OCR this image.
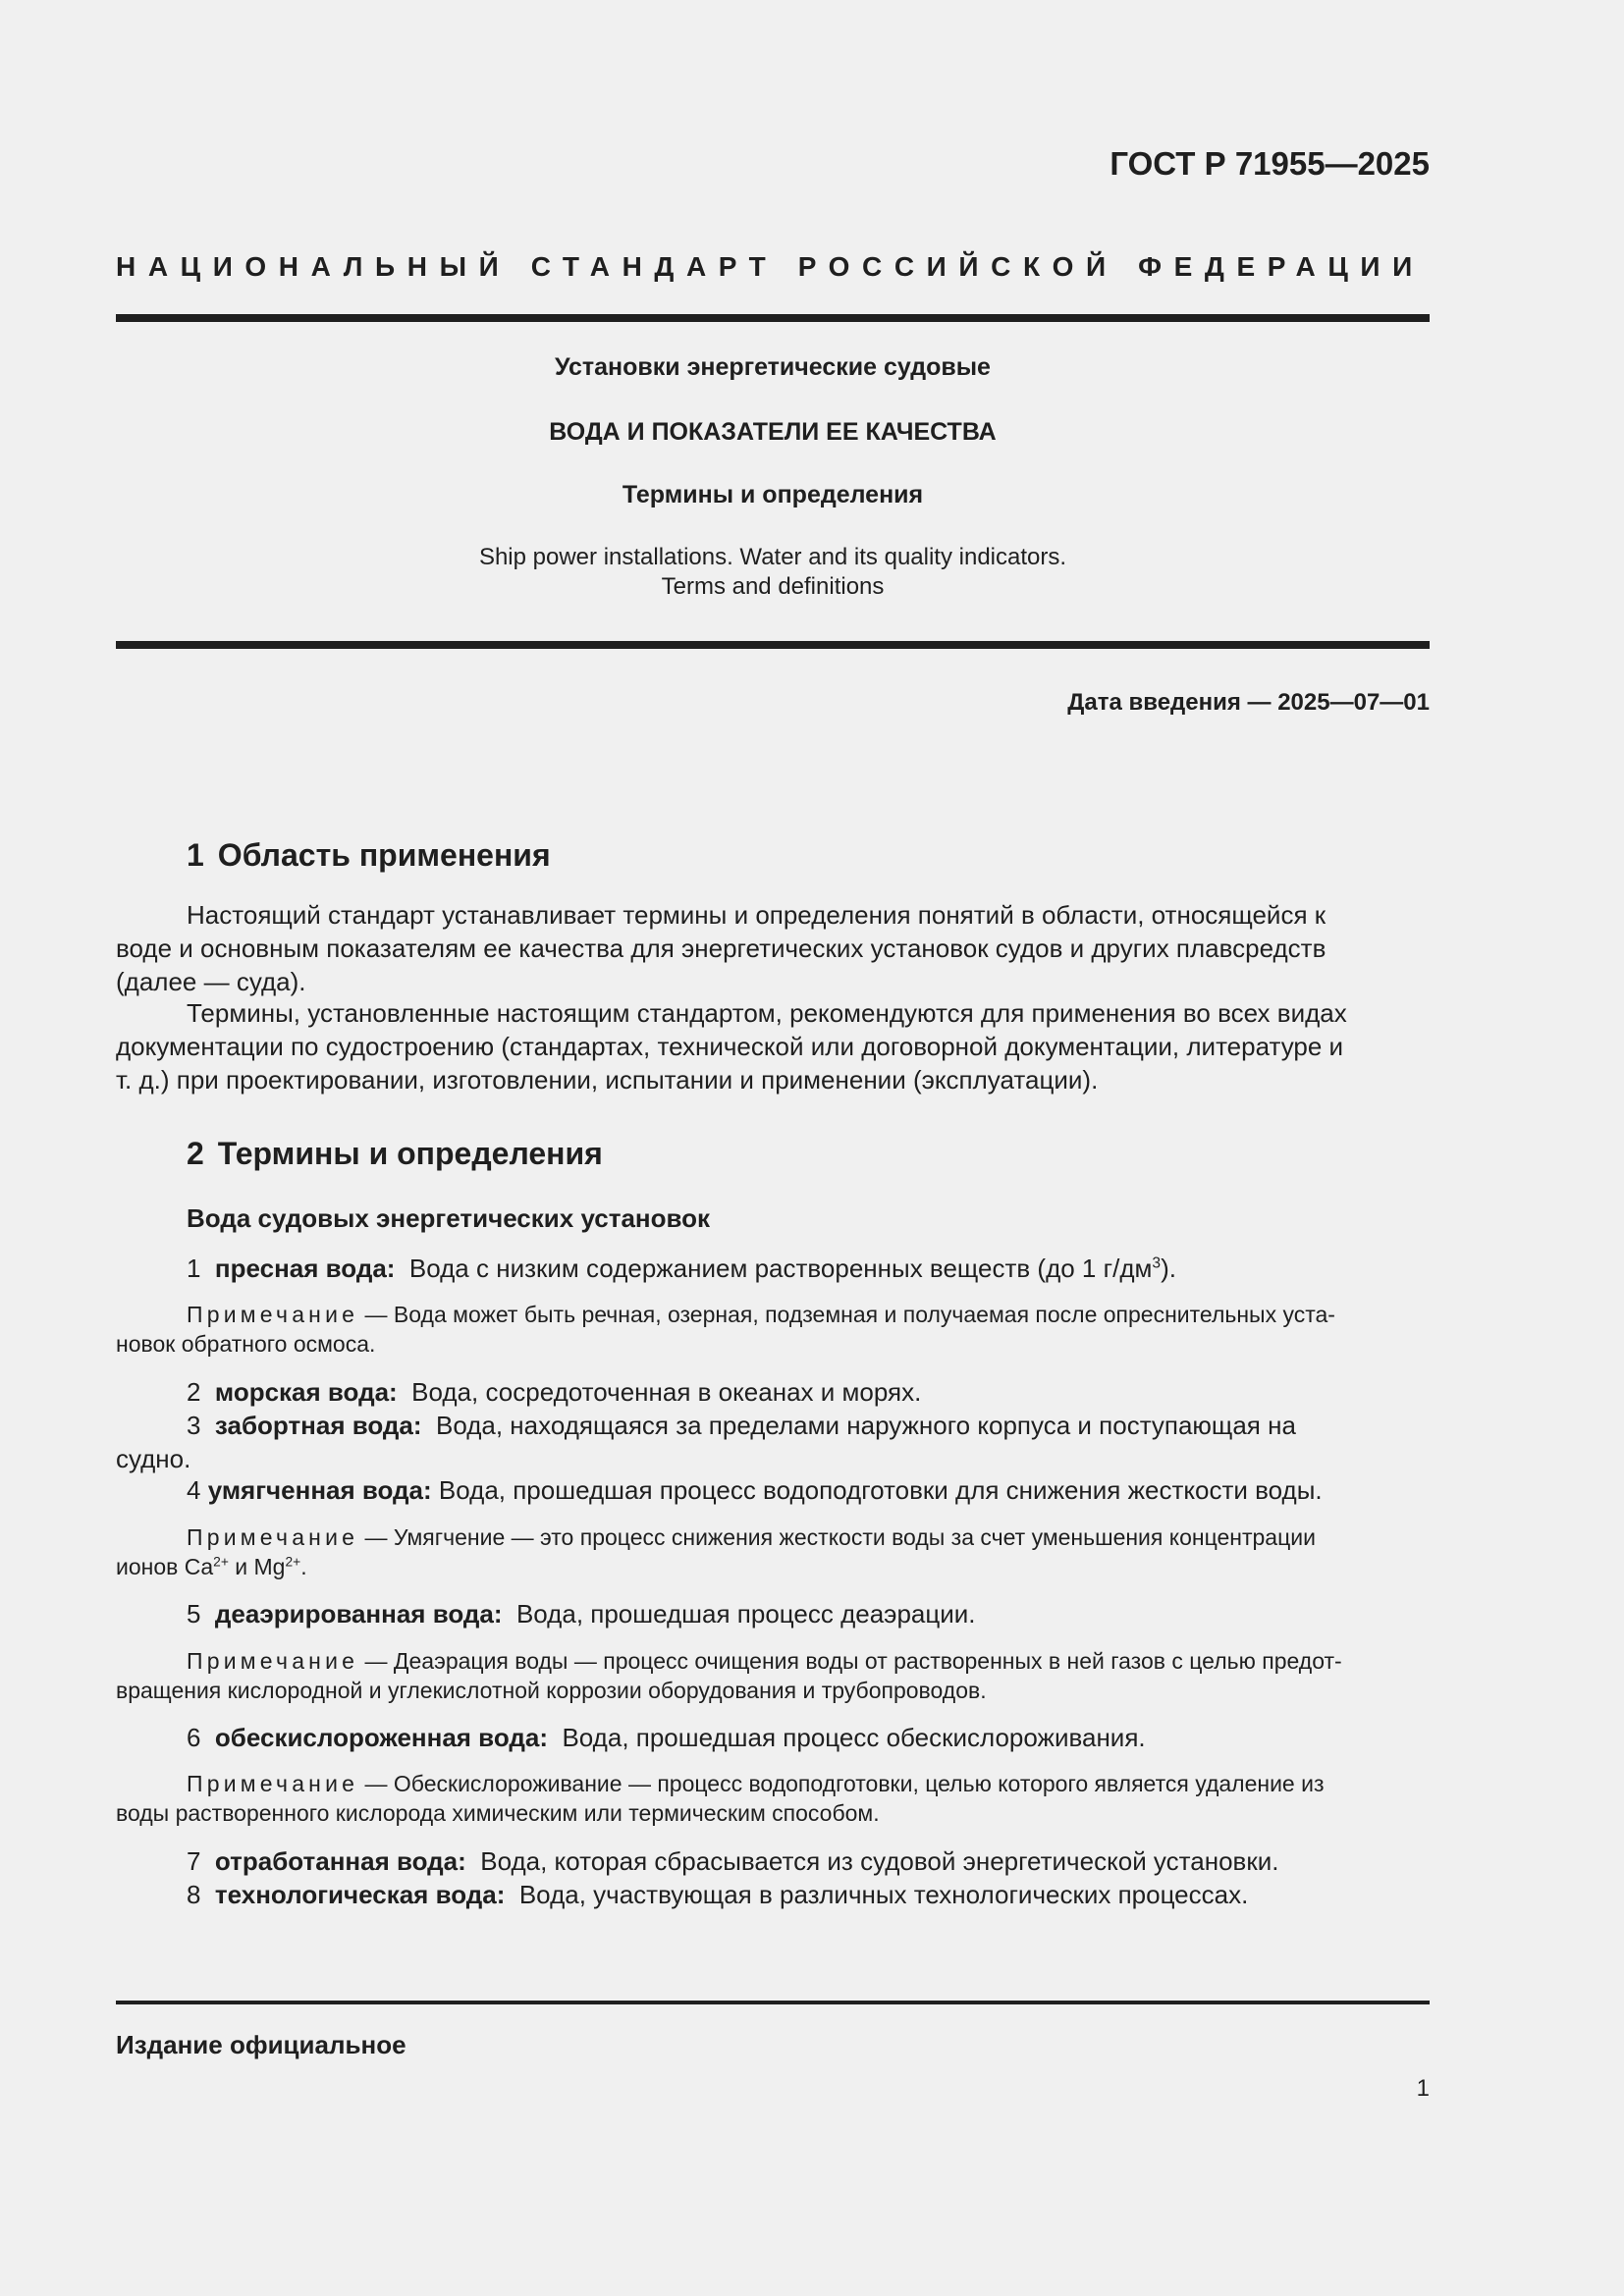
ГОСТ Р 71955—2025
НАЦИОНАЛЬНЫЙ СТАНДАРТ РОССИЙСКОЙ ФЕДЕРАЦИИ
Установки энергетические судовые
ВОДА И ПОКАЗАТЕЛИ ЕЕ КАЧЕСТВА
Термины и определения
Ship power installations. Water and its quality indicators.
Terms and definitions
Дата введения — 2025—07—01
1 Область применения
Настоящий стандарт устанавливает термины и определения понятий в области, относящейся к
воде и основным показателям ее качества для энергетических установок судов и других плавсредств
(далее — суда).
Термины, установленные настоящим стандартом, рекомендуются для применения во всех видах
документации по судостроению (стандартах, технической или договорной документации, литературе и
т. д.) при проектировании, изготовлении, испытании и применении (эксплуатации).
2 Термины и определения
Вода судовых энергетических установок
1 пресная вода: Вода с низким содержанием растворенных веществ (до 1 $г/дм^3$).
Примечание — Вода может быть речная, озерная, подземная и получаемая после опреснительных уста-
новок обратного осмоса.
2 морская вода: Вода, сосредоточенная в океанах и морях.
3 забортная вода: Вода, находящаяся за пределами наружного корпуса и поступающая на
судно.
4 умягченная вода: Вода, прошедшая процесс водоподготовки для снижения жесткости воды.
Примечание — Умягчение — это процесс снижения жесткости воды за счет уменьшения концентрации
ионов $Ca^{2+}$ и $Mg^{2+}$.
5 деаэрированная вода: Вода, прошедшая процесс деаэрации.
Примечание — Деаэрация воды — процесс очищения воды от растворенных в ней газов с целью предот-
вращения кислородной и углекислотной коррозии оборудования и трубопроводов.
6 обескислороженная вода: Вода, прошедшая процесс обескислороживания.
Примечание — Обескислороживание — процесс водоподготовки, целью которого является удаление из
воды растворенного кислорода химическим или термическим способом.
7 отработанная вода: Вода, которая сбрасывается из судовой энергетической установки.
8 технологическая вода: Вода, участвующая в различных технологических процессах.
Издание официальное
1
